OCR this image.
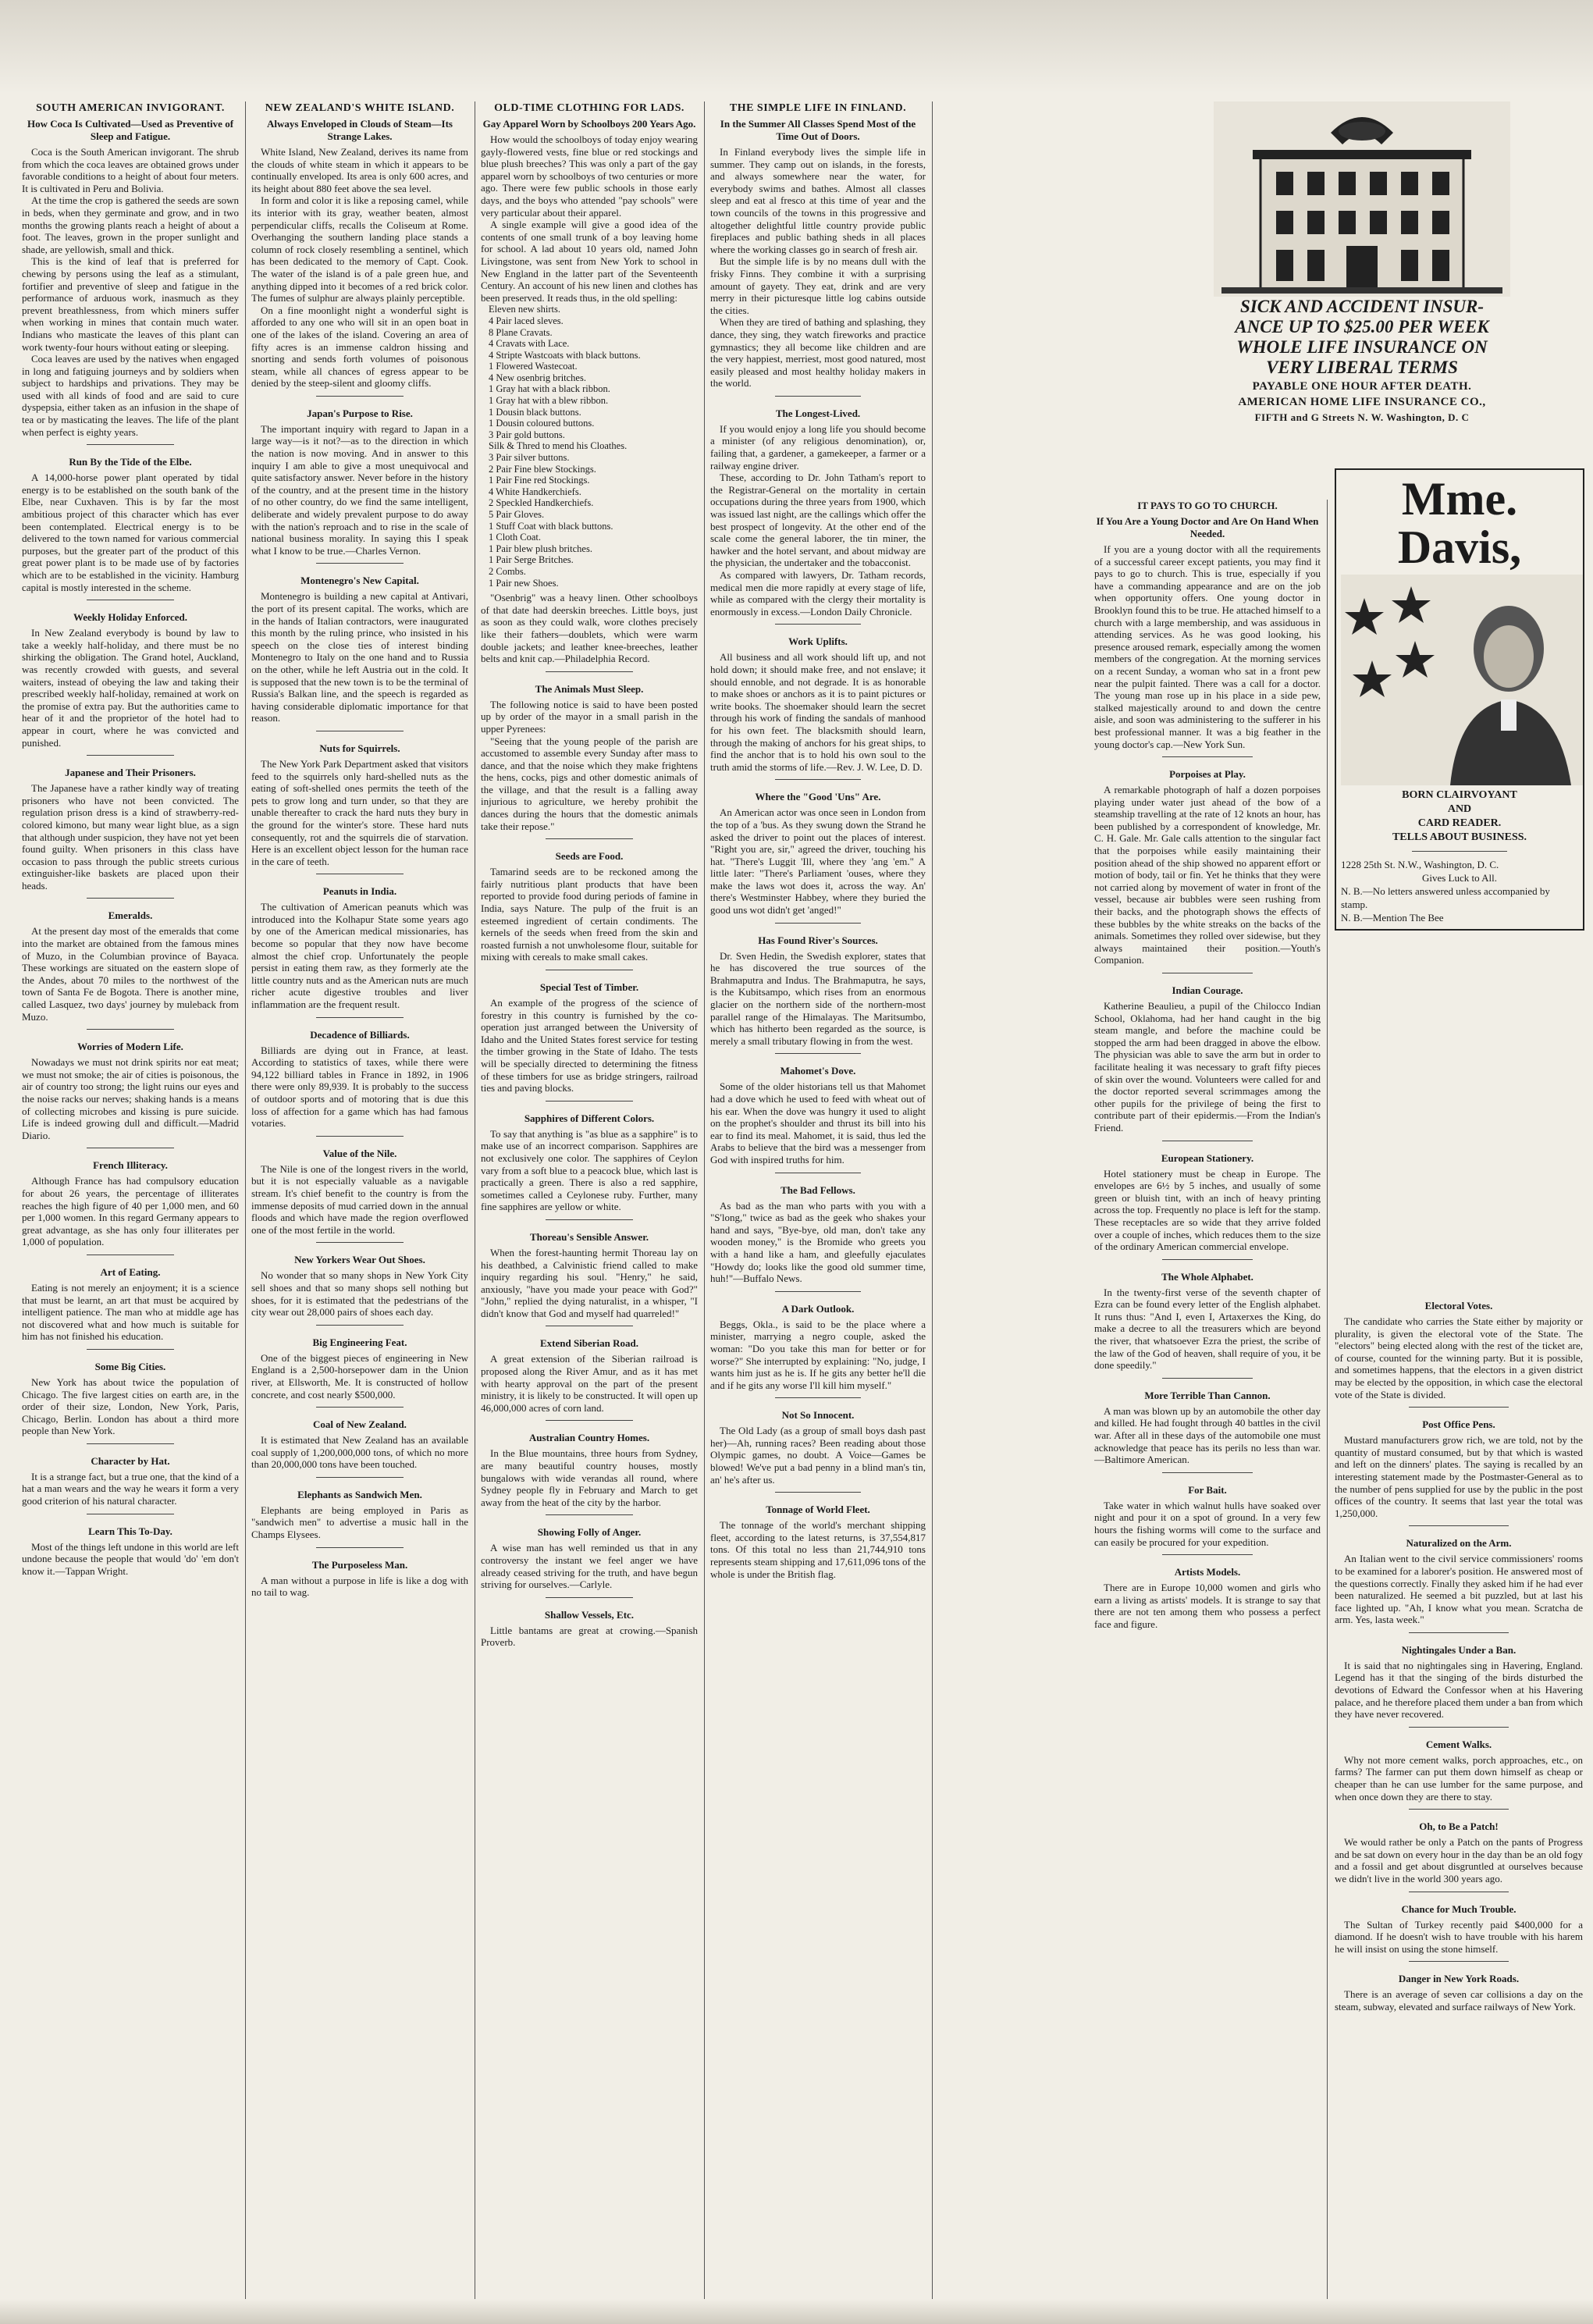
SOUTH AMERICAN INVIGORANT.

How Coca Is Cultivated—Used as Preventive of Sleep and Fatigue.

Coca is the South American invigorant. The shrub from which the coca leaves are obtained grows under favorable conditions to a height of about four meters. It is cultivated in Peru and Bolivia.

At the time the crop is gathered the seeds are sown in beds, when they germinate and grow, and in two months the growing plants reach a height of about a foot. The leaves, grown in the proper sunlight and shade, are yellowish, small and thick.

This is the kind of leaf that is preferred for chewing by persons using the leaf as a stimulant, fortifier and preventive of sleep and fatigue in the performance of arduous work, inasmuch as they prevent breathlessness, from which miners suffer when working in mines that contain much water. Indians who masticate the leaves of this plant can work twenty-four hours without eating or sleeping.

Coca leaves are used by the natives when engaged in long and fatiguing journeys and by soldiers when subject to hardships and privations. They may be used with all kinds of food and are said to cure dyspepsia, either taken as an infusion in the shape of tea or by masticating the leaves. The life of the plant when perfect is eighty years.

Run By the Tide of the Elbe.

A 14,000-horse power plant operated by tidal energy is to be established on the south bank of the Elbe, near Cuxhaven. This is by far the most ambitious project of this character which has ever been contemplated. Electrical energy is to be delivered to the town named for various commercial purposes, but the greater part of the product of this great power plant is to be made use of by factories which are to be established in the vicinity. Hamburg capital is mostly interested in the scheme.

Weekly Holiday Enforced.

In New Zealand everybody is bound by law to take a weekly half-holiday, and there must be no shirking the obligation. The Grand hotel, Auckland, was recently crowded with guests, and several waiters, instead of obeying the law and taking their prescribed weekly half-holiday, remained at work on the promise of extra pay. But the authorities came to hear of it and the proprietor of the hotel had to appear in court, where he was convicted and punished.

Japanese and Their Prisoners.

The Japanese have a rather kindly way of treating prisoners who have not been convicted. The regulation prison dress is a kind of strawberry-red-colored kimono, but many wear light blue, as a sign that although under suspicion, they have not yet been found guilty. When prisoners in this class have occasion to pass through the public streets curious extinguisher-like baskets are placed upon their heads.

Emeralds.

At the present day most of the emeralds that come into the market are obtained from the famous mines of Muzo, in the Columbian province of Bayaca. These workings are situated on the eastern slope of the Andes, about 70 miles to the northwest of the town of Santa Fe de Bogota. There is another mine, called Lasquez, two days' journey by muleback from Muzo.

Worries of Modern Life.

Nowadays we must not drink spirits nor eat meat; we must not smoke; the air of cities is poisonous, the air of country too strong; the light ruins our eyes and the noise racks our nerves; shaking hands is a means of collecting microbes and kissing is pure suicide. Life is indeed growing dull and difficult.—Madrid Diario.

French Illiteracy.

Although France has had compulsory education for about 26 years, the percentage of illiterates reaches the high figure of 40 per 1,000 men, and 60 per 1,000 women. In this regard Germany appears to great advantage, as she has only four illiterates per 1,000 of population.

Art of Eating.

Eating is not merely an enjoyment; it is a science that must be learnt, an art that must be acquired by intelligent patience. The man who at middle age has not discovered what and how much is suitable for him has not finished his education.

Some Big Cities.

New York has about twice the population of Chicago. The five largest cities on earth are, in the order of their size, London, New York, Paris, Chicago, Berlin. London has about a third more people than New York.

Character by Hat.

It is a strange fact, but a true one, that the kind of a hat a man wears and the way he wears it form a very good criterion of his natural character.

Learn This To-Day.

Most of the things left undone in this world are left undone because the people that would 'do' 'em don't know it.—Tappan Wright.

NEW ZEALAND'S WHITE ISLAND.

Always Enveloped in Clouds of Steam—Its Strange Lakes.

White Island, New Zealand, derives its name from the clouds of white steam in which it appears to be continually enveloped. Its area is only 600 acres, and its height about 880 feet above the sea level.

In form and color it is like a reposing camel, while its interior with its gray, weather beaten, almost perpendicular cliffs, recalls the Coliseum at Rome. Overhanging the southern landing place stands a column of rock closely resembling a sentinel, which has been dedicated to the memory of Capt. Cook. The water of the island is of a pale green hue, and anything dipped into it becomes of a red brick color. The fumes of sulphur are always plainly perceptible.

On a fine moonlight night a wonderful sight is afforded to any one who will sit in an open boat in one of the lakes of the island. Covering an area of fifty acres is an immense caldron hissing and snorting and sends forth volumes of poisonous steam, while all chances of egress appear to be denied by the steep-silent and gloomy cliffs.

Japan's Purpose to Rise.

The important inquiry with regard to Japan in a large way—is it not?—as to the direction in which the nation is now moving. And in answer to this inquiry I am able to give a most unequivocal and quite satisfactory answer. Never before in the history of the country, and at the present time in the history of no other country, do we find the same intelligent, deliberate and widely prevalent purpose to do away with the nation's reproach and to rise in the scale of national business morality. In saying this I speak what I know to be true.—Charles Vernon.

Montenegro's New Capital.

Montenegro is building a new capital at Antivari, the port of its present capital. The works, which are in the hands of Italian contractors, were inaugurated this month by the ruling prince, who insisted in his speech on the close ties of interest binding Montenegro to Italy on the one hand and to Russia on the other, while he left Austria out in the cold. It is supposed that the new town is to be the terminal of Russia's Balkan line, and the speech is regarded as having considerable diplomatic importance for that reason.

Nuts for Squirrels.

The New York Park Department asked that visitors feed to the squirrels only hard-shelled nuts as the eating of soft-shelled ones permits the teeth of the pets to grow long and turn under, so that they are unable thereafter to crack the hard nuts they bury in the ground for the winter's store. These hard nuts consequently, rot and the squirrels die of starvation. Here is an excellent object lesson for the human race in the care of teeth.

Peanuts in India.

The cultivation of American peanuts which was introduced into the Kolhapur State some years ago by one of the American medical missionaries, has become so popular that they now have become almost the chief crop. Unfortunately the people persist in eating them raw, as they formerly ate the little country nuts and as the American nuts are much richer acute digestive troubles and liver inflammation are the frequent result.

Decadence of Billiards.

Billiards are dying out in France, at least. According to statistics of taxes, while there were 94,122 billiard tables in France in 1892, in 1906 there were only 89,939. It is probably to the success of outdoor sports and of motoring that is due this loss of affection for a game which has had famous votaries.

Value of the Nile.

The Nile is one of the longest rivers in the world, but it is not especially valuable as a navigable stream. It's chief benefit to the country is from the immense deposits of mud carried down in the annual floods and which have made the region overflowed one of the most fertile in the world.

New Yorkers Wear Out Shoes.

No wonder that so many shops in New York City sell shoes and that so many shops sell nothing but shoes, for it is estimated that the pedestrians of the city wear out 28,000 pairs of shoes each day.

Big Engineering Feat.

One of the biggest pieces of engineering in New England is a 2,500-horsepower dam in the Union river, at Ellsworth, Me. It is constructed of hollow concrete, and cost nearly $500,000.

Coal of New Zealand.

It is estimated that New Zealand has an available coal supply of 1,200,000,000 tons, of which no more than 20,000,000 tons have been touched.

Elephants as Sandwich Men.

Elephants are being employed in Paris as "sandwich men" to advertise a music hall in the Champs Elysees.

The Purposeless Man.

A man without a purpose in life is like a dog with no tail to wag.

OLD-TIME CLOTHING FOR LADS.

Gay Apparel Worn by Schoolboys 200 Years Ago.

How would the schoolboys of today enjoy wearing gayly-flowered vests, fine blue or red stockings and blue plush breeches? This was only a part of the gay apparel worn by schoolboys of two centuries or more ago. There were few public schools in those early days, and the boys who attended "pay schools" were very particular about their apparel.

A single example will give a good idea of the contents of one small trunk of a boy leaving home for school. A lad about 10 years old, named John Livingstone, was sent from New York to school in New England in the latter part of the Seventeenth Century. An account of his new linen and clothes has been preserved. It reads thus, in the old spelling:

Eleven new shirts.
4 Pair laced sleves.
8 Plane Cravats.
4 Cravats with Lace.
4 Stripte Wastcoats with black buttons.
1 Flowered Wastecoat.
4 New osenbrig britches.
1 Gray hat with a black ribbon.
1 Gray hat with a blew ribbon.
1 Dousin black buttons.
1 Dousin coloured buttons.
3 Pair gold buttons.
Silk & Thred to mend his Cloathes.
3 Pair silver buttons.
2 Pair Fine blew Stockings.
1 Pair Fine red Stockings.
4 White Handkerchiefs.
2 Speckled Handkerchiefs.
5 Pair Gloves.
1 Stuff Coat with black buttons.
1 Cloth Coat.
1 Pair blew plush britches.
1 Pair Serge Britches.
2 Combs.
1 Pair new Shoes.

"Osenbrig" was a heavy linen. Other schoolboys of that date had deerskin breeches. Little boys, just as soon as they could walk, wore clothes precisely like their fathers—doublets, which were warm double jackets; and leather knee-breeches, leather belts and knit cap.—Philadelphia Record.

The Animals Must Sleep.

The following notice is said to have been posted up by order of the mayor in a small parish in the upper Pyrenees:

"Seeing that the young people of the parish are accustomed to assemble every Sunday after mass to dance, and that the noise which they make frightens the hens, cocks, pigs and other domestic animals of the village, and that the result is a falling away injurious to agriculture, we hereby prohibit the dances during the hours that the domestic animals take their repose."

Seeds are Food.

Tamarind seeds are to be reckoned among the fairly nutritious plant products that have been reported to provide food during periods of famine in India, says Nature. The pulp of the fruit is an esteemed ingredient of certain condiments. The kernels of the seeds when freed from the skin and roasted furnish a not unwholesome flour, suitable for mixing with cereals to make small cakes.

Special Test of Timber.

An example of the progress of the science of forestry in this country is furnished by the co-operation just arranged between the University of Idaho and the United States forest service for testing the timber growing in the State of Idaho. The tests will be specially directed to determining the fitness of these timbers for use as bridge stringers, railroad ties and paving blocks.

Sapphires of Different Colors.

To say that anything is "as blue as a sapphire" is to make use of an incorrect comparison. Sapphires are not exclusively one color. The sapphires of Ceylon vary from a soft blue to a peacock blue, which last is practically a green. There is also a red sapphire, sometimes called a Ceylonese ruby. Further, many fine sapphires are yellow or white.

Thoreau's Sensible Answer.

When the forest-haunting hermit Thoreau lay on his deathbed, a Calvinistic friend called to make inquiry regarding his soul. "Henry," he said, anxiously, "have you made your peace with God?" "John," replied the dying naturalist, in a whisper, "I didn't know that God and myself had quarreled!"

Extend Siberian Road.

A great extension of the Siberian railroad is proposed along the River Amur, and as it has met with hearty approval on the part of the present ministry, it is likely to be constructed. It will open up 46,000,000 acres of corn land.

Australian Country Homes.

In the Blue mountains, three hours from Sydney, are many beautiful country houses, mostly bungalows with wide verandas all round, where Sydney people fly in February and March to get away from the heat of the city by the harbor.

Showing Folly of Anger.

A wise man has well reminded us that in any controversy the instant we feel anger we have already ceased striving for the truth, and have begun striving for ourselves.—Carlyle.

Shallow Vessels, Etc.

Little bantams are great at crowing.—Spanish Proverb.

THE SIMPLE LIFE IN FINLAND.

In the Summer All Classes Spend Most of the Time Out of Doors.

In Finland everybody lives the simple life in summer. They camp out on islands, in the forests, and always somewhere near the water, for everybody swims and bathes. Almost all classes sleep and eat al fresco at this time of year and the town councils of the towns in this progressive and altogether delightful little country provide public fireplaces and public bathing sheds in all places where the working classes go in search of fresh air.

But the simple life is by no means dull with the frisky Finns. They combine it with a surprising amount of gayety. They eat, drink and are very merry in their picturesque little log cabins outside the cities.

When they are tired of bathing and splashing, they dance, they sing, they watch fireworks and practice gymnastics; they all become like children and are the very happiest, merriest, most good natured, most easily pleased and most healthy holiday makers in the world.

The Longest-Lived.

If you would enjoy a long life you should become a minister (of any religious denomination), or, failing that, a gardener, a gamekeeper, a farmer or a railway engine driver.

These, according to Dr. John Tatham's report to the Registrar-General on the mortality in certain occupations during the three years from 1900, which was issued last night, are the callings which offer the best prospect of longevity. At the other end of the scale come the general laborer, the tin miner, the hawker and the hotel servant, and about midway are the physician, the undertaker and the tobacconist.

As compared with lawyers, Dr. Tatham records, medical men die more rapidly at every stage of life, while as compared with the clergy their mortality is enormously in excess.—London Daily Chronicle.

Work Uplifts.

All business and all work should lift up, and not hold down; it should make free, and not enslave; it should ennoble, and not degrade. It is as honorable to make shoes or anchors as it is to paint pictures or write books. The shoemaker should learn the secret through his work of finding the sandals of manhood for his own feet. The blacksmith should learn, through the making of anchors for his great ships, to find the anchor that is to hold his own soul to the truth amid the storms of life.—Rev. J. W. Lee, D. D.

Where the "Good 'Uns" Are.

An American actor was once seen in London from the top of a 'bus. As they swung down the Strand he asked the driver to point out the places of interest. "Right you are, sir," agreed the driver, touching his hat. "There's Luggit 'Ill, where they 'ang 'em." A little later: "There's Parliament 'ouses, where they make the laws wot does it, across the way. An' there's Westminster Habbey, where they buried the good uns wot didn't get 'anged!"

Has Found River's Sources.

Dr. Sven Hedin, the Swedish explorer, states that he has discovered the true sources of the Brahmaputra and Indus. The Brahmaputra, he says, is the Kubitsampo, which rises from an enormous glacier on the northern side of the northern-most parallel range of the Himalayas. The Maritsumbo, which has hitherto been regarded as the source, is merely a small tributary flowing in from the west.

Mahomet's Dove.

Some of the older historians tell us that Mahomet had a dove which he used to feed with wheat out of his ear. When the dove was hungry it used to alight on the prophet's shoulder and thrust its bill into his ear to find its meal. Mahomet, it is said, thus led the Arabs to believe that the bird was a messenger from God with inspired truths for him.

The Bad Fellows.

As bad as the man who parts with you with a "S'long," twice as bad as the geek who shakes your hand and says, "Bye-bye, old man, don't take any wooden money," is the Bromide who greets you with a hand like a ham, and gleefully ejaculates "Howdy do; looks like the good old summer time, huh!"—Buffalo News.

A Dark Outlook.

Beggs, Okla., is said to be the place where a minister, marrying a negro couple, asked the woman: "Do you take this man for better or for worse?" She interrupted by explaining: "No, judge, I wants him just as he is. If he gits any better he'll die and if he gits any worse I'll kill him myself."

Not So Innocent.

The Old Lady (as a group of small boys dash past her)—Ah, running races? Been reading about those Olympic games, no doubt. A Voice—Games be blowed! We've put a bad penny in a blind man's tin, an' he's after us.

Tonnage of World Fleet.

The tonnage of the world's merchant shipping fleet, according to the latest returns, is 37,554,817 tons. Of this total no less than 21,744,910 tons represents steam shipping and 17,611,096 tons of the whole is under the British flag.

IT PAYS TO GO TO CHURCH.

If You Are a Young Doctor and Are On Hand When Needed.

If you are a young doctor with all the requirements of a successful career except patients, you may find it pays to go to church. This is true, especially if you have a commanding appearance and are on the job when opportunity offers. One young doctor in Brooklyn found this to be true. He attached himself to a church with a large membership, and was assiduous in attending services. As he was good looking, his presence aroused remark, especially among the women members of the congregation. At the morning services on a recent Sunday, a woman who sat in a front pew near the pulpit fainted. There was a call for a doctor. The young man rose up in his place in a side pew, stalked majestically around to and down the centre aisle, and soon was administering to the sufferer in his best professional manner. It was a big feather in the young doctor's cap.—New York Sun.

Porpoises at Play.

A remarkable photograph of half a dozen porpoises playing under water just ahead of the bow of a steamship travelling at the rate of 12 knots an hour, has been published by a correspondent of knowledge, Mr. C. H. Gale. Mr. Gale calls attention to the singular fact that the porpoises while easily maintaining their position ahead of the ship showed no apparent effort or motion of body, tail or fin. Yet he thinks that they were not carried along by movement of water in front of the vessel, because air bubbles were seen rushing from their backs, and the photograph shows the effects of these bubbles by the white streaks on the backs of the animals. Sometimes they rolled over sidewise, but they always maintained their position.—Youth's Companion.

Indian Courage.

Katherine Beaulieu, a pupil of the Chilocco Indian School, Oklahoma, had her hand caught in the big steam mangle, and before the machine could be stopped the arm had been dragged in above the elbow. The physician was able to save the arm but in order to facilitate healing it was necessary to graft fifty pieces of skin over the wound. Volunteers were called for and the doctor reported several scrimmages among the other pupils for the privilege of being the first to contribute part of their epidermis.—From the Indian's Friend.

European Stationery.

Hotel stationery must be cheap in Europe. The envelopes are 6½ by 5 inches, and usually of some green or bluish tint, with an inch of heavy printing across the top. Frequently no place is left for the stamp. These receptacles are so wide that they arrive folded over a couple of inches, which reduces them to the size of the ordinary American commercial envelope.

The Whole Alphabet.

In the twenty-first verse of the seventh chapter of Ezra can be found every letter of the English alphabet. It runs thus: "And I, even I, Artaxerxes the King, do make a decree to all the treasurers which are beyond the river, that whatsoever Ezra the priest, the scribe of the law of the God of heaven, shall require of you, it be done speedily."

More Terrible Than Cannon.

A man was blown up by an automobile the other day and killed. He had fought through 40 battles in the civil war. After all in these days of the automobile one must acknowledge that peace has its perils no less than war.—Baltimore American.

For Bait.

Take water in which walnut hulls have soaked over night and pour it on a spot of ground. In a very few hours the fishing worms will come to the surface and can easily be procured for your expedition.

Artists Models.

There are in Europe 10,000 women and girls who earn a living as artists' models. It is strange to say that there are not ten among them who possess a perfect face and figure.

Electoral Votes.

The candidate who carries the State either by majority or plurality, is given the electoral vote of the State. The "electors" being elected along with the rest of the ticket are, of course, counted for the winning party. But it is possible, and sometimes happens, that the electors in a given district may be elected by the opposition, in which case the electoral vote of the State is divided.

Post Office Pens.

Mustard manufacturers grow rich, we are told, not by the quantity of mustard consumed, but by that which is wasted and left on the dinners' plates. The saying is recalled by an interesting statement made by the Postmaster-General as to the number of pens supplied for use by the public in the post offices of the country. It seems that last year the total was 1,250,000.

Naturalized on the Arm.

An Italian went to the civil service commissioners' rooms to be examined for a laborer's position. He answered most of the questions correctly. Finally they asked him if he had ever been naturalized. He seemed a bit puzzled, but at last his face lighted up. "Ah, I know what you mean. Scratcha de arm. Yes, lasta week."

Nightingales Under a Ban.

It is said that no nightingales sing in Havering, England. Legend has it that the singing of the birds disturbed the devotions of Edward the Confessor when at his Havering palace, and he therefore placed them under a ban from which they have never recovered.

Cement Walks.

Why not more cement walks, porch approaches, etc., on farms? The farmer can put them down himself as cheap or cheaper than he can use lumber for the same purpose, and when once down they are there to stay.

Oh, to Be a Patch!

We would rather be only a Patch on the pants of Progress and be sat down on every hour in the day than be an old fogy and a fossil and get about disgruntled at ourselves because we didn't live in the world 300 years ago.

Chance for Much Trouble.

The Sultan of Turkey recently paid $400,000 for a diamond. If he doesn't wish to have trouble with his harem he will insist on using the stone himself.

Danger in New York Roads.

There is an average of seven car collisions a day on the steam, subway, elevated and surface railways of New York.

SICK AND ACCIDENT INSUR-

ANCE UP TO $25.00 PER WEEK

WHOLE LIFE INSURANCE ON

VERY LIBERAL TERMS

PAYABLE ONE HOUR AFTER DEATH.

AMERICAN HOME LIFE INSURANCE CO.,

FIFTH and G Streets N. W. Washington, D. C

Mme. Davis,

BORN CLAIRVOYANT

AND

CARD READER.

TELLS ABOUT BUSINESS.

1228 25th St. N.W., Washington, D. C.

Gives Luck to All.

N. B.—No letters answered unless accompanied by stamp.

N. B.—Mention The Bee
